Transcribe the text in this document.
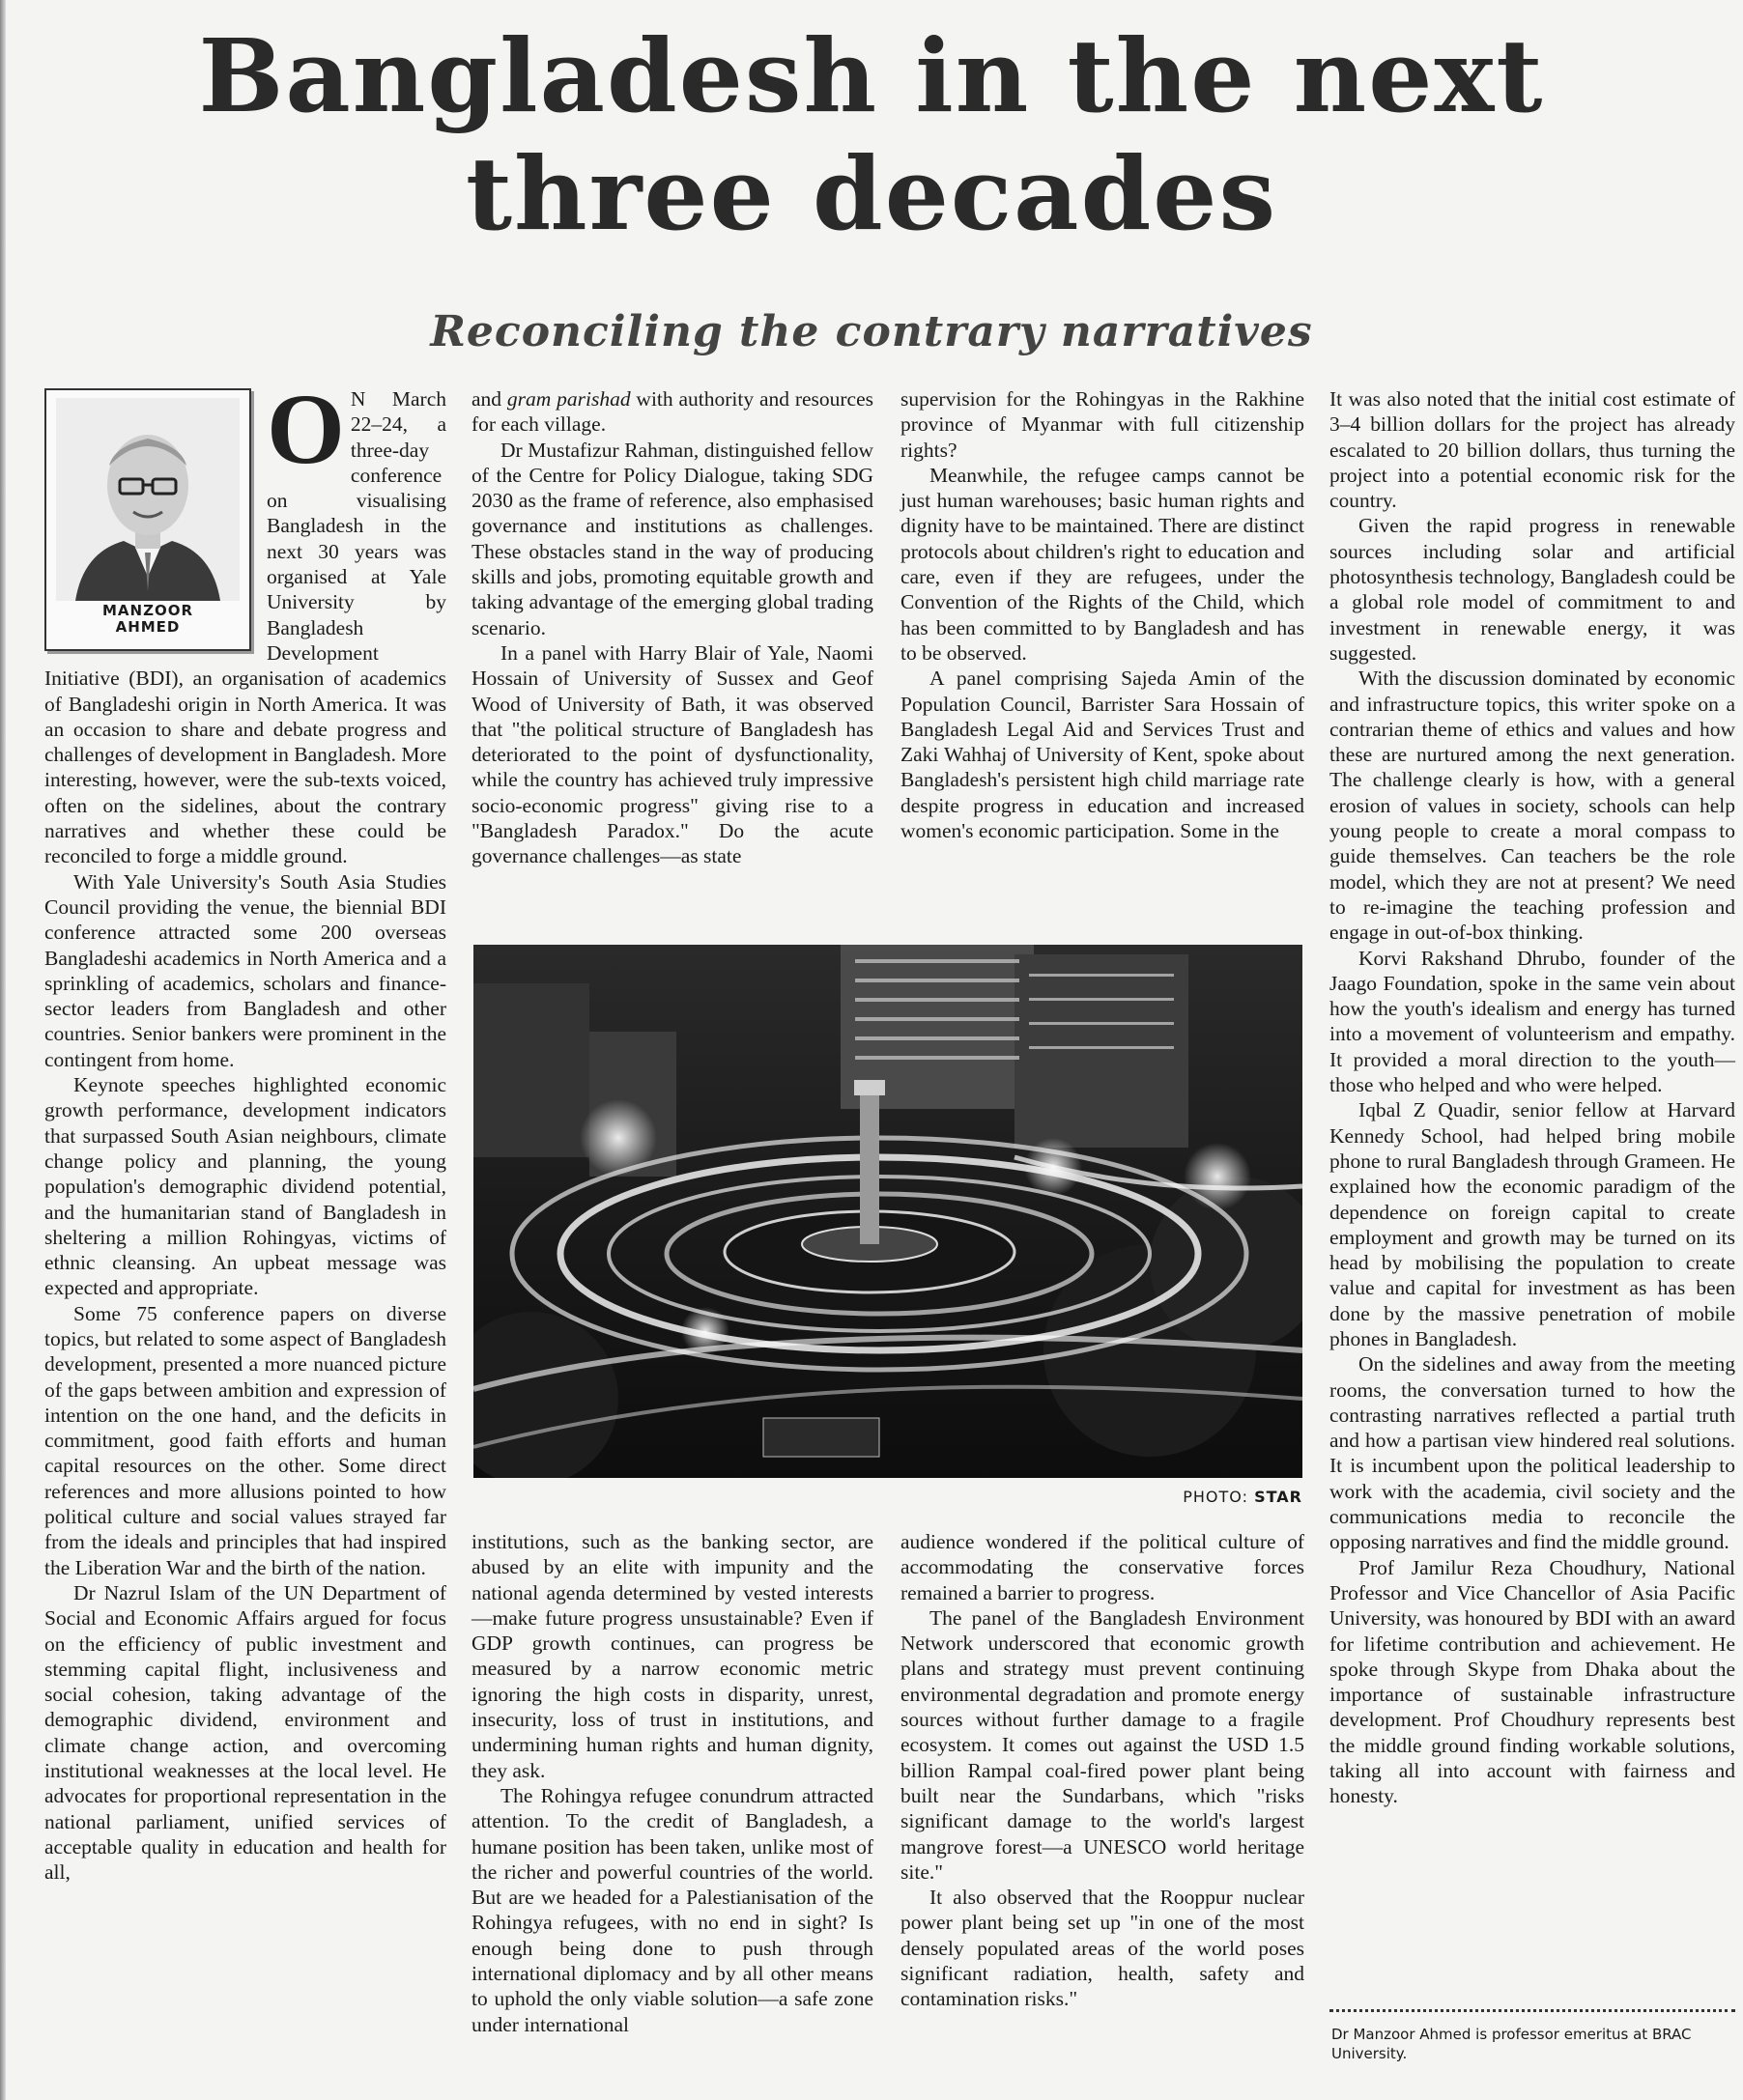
Bangladesh in the next
three decades
Reconciling the contrary narratives
MANZOOR
AHMED
O N March 22–24, a three-day conference on visualising Bangladesh in the next 30 years was organised at Yale University by Bangladesh Development Initiative (BDI), an organisation of academics of Bangladeshi origin in North America. It was an occasion to share and debate progress and challenges of development in Bangladesh. More interesting, however, were the sub-texts voiced, often on the sidelines, about the contrary narratives and whether these could be reconciled to forge a middle ground.

With Yale University's South Asia Studies Council providing the venue, the biennial BDI conference attracted some 200 overseas Bangladeshi academics in North America and a sprinkling of academics, scholars and finance-sector leaders from Bangladesh and other countries. Senior bankers were prominent in the contingent from home.

Keynote speeches highlighted economic growth performance, development indicators that surpassed South Asian neighbours, climate change policy and planning, the young population's demographic dividend potential, and the humanitarian stand of Bangladesh in sheltering a million Rohingyas, victims of ethnic cleansing. An upbeat message was expected and appropriate.

Some 75 conference papers on diverse topics, but related to some aspect of Bangladesh development, presented a more nuanced picture of the gaps between ambition and expression of intention on the one hand, and the deficits in commitment, good faith efforts and human capital resources on the other. Some direct references and more allusions pointed to how political culture and social values strayed far from the ideals and principles that had inspired the Liberation War and the birth of the nation.

Dr Nazrul Islam of the UN Department of Social and Economic Affairs argued for focus on the efficiency of public investment and stemming capital flight, inclusiveness and social cohesion, taking advantage of the demographic dividend, environment and climate change action, and overcoming institutional weaknesses at the local level. He advocates for proportional representation in the national parliament, unified services of acceptable quality in education and health for all,

and gram parishad with authority and resources for each village.

Dr Mustafizur Rahman, distinguished fellow of the Centre for Policy Dialogue, taking SDG 2030 as the frame of reference, also emphasised governance and institutions as challenges. These obstacles stand in the way of producing skills and jobs, promoting equitable growth and taking advantage of the emerging global trading scenario.

In a panel with Harry Blair of Yale, Naomi Hossain of University of Sussex and Geof Wood of University of Bath, it was observed that "the political structure of Bangladesh has deteriorated to the point of dysfunctionality, while the country has achieved truly impressive socio-economic progress" giving rise to a "Bangladesh Paradox." Do the acute governance challenges—as state

supervision for the Rohingyas in the Rakhine province of Myanmar with full citizenship rights?

Meanwhile, the refugee camps cannot be just human warehouses; basic human rights and dignity have to be maintained. There are distinct protocols about children's right to education and care, even if they are refugees, under the Convention of the Rights of the Child, which has been committed to by Bangladesh and has to be observed.

A panel comprising Sajeda Amin of the Population Council, Barrister Sara Hossain of Bangladesh Legal Aid and Services Trust and Zaki Wahhaj of University of Kent, spoke about Bangladesh's persistent high child marriage rate despite progress in education and increased women's economic participation. Some in the

PHOTO: STAR

institutions, such as the banking sector, are abused by an elite with impunity and the national agenda determined by vested interests—make future progress unsustainable? Even if GDP growth continues, can progress be measured by a narrow economic metric ignoring the high costs in disparity, unrest, insecurity, loss of trust in institutions, and undermining human rights and human dignity, they ask.

The Rohingya refugee conundrum attracted attention. To the credit of Bangladesh, a humane position has been taken, unlike most of the richer and powerful countries of the world. But are we headed for a Palestianisation of the Rohingya refugees, with no end in sight? Is enough being done to push through international diplomacy and by all other means to uphold the only viable solution—a safe zone under international

audience wondered if the political culture of accommodating the conservative forces remained a barrier to progress.

The panel of the Bangladesh Environment Network underscored that economic growth plans and strategy must prevent continuing environmental degradation and promote energy sources without further damage to a fragile ecosystem. It comes out against the USD 1.5 billion Rampal coal-fired power plant being built near the Sundarbans, which "risks significant damage to the world's largest mangrove forest—a UNESCO world heritage site."

It also observed that the Rooppur nuclear power plant being set up "in one of the most densely populated areas of the world poses significant radiation, health, safety and contamination risks."

It was also noted that the initial cost estimate of 3–4 billion dollars for the project has already escalated to 20 billion dollars, thus turning the project into a potential economic risk for the country.

Given the rapid progress in renewable sources including solar and artificial photosynthesis technology, Bangladesh could be a global role model of commitment to and investment in renewable energy, it was suggested.

With the discussion dominated by economic and infrastructure topics, this writer spoke on a contrarian theme of ethics and values and how these are nurtured among the next generation. The challenge clearly is how, with a general erosion of values in society, schools can help young people to create a moral compass to guide themselves. Can teachers be the role model, which they are not at present? We need to re-imagine the teaching profession and engage in out-of-box thinking.

Korvi Rakshand Dhrubo, founder of the Jaago Foundation, spoke in the same vein about how the youth's idealism and energy has turned into a movement of volunteerism and empathy. It provided a moral direction to the youth—those who helped and who were helped.

Iqbal Z Quadir, senior fellow at Harvard Kennedy School, had helped bring mobile phone to rural Bangladesh through Grameen. He explained how the economic paradigm of the dependence on foreign capital to create employment and growth may be turned on its head by mobilising the population to create value and capital for investment as has been done by the massive penetration of mobile phones in Bangladesh.

On the sidelines and away from the meeting rooms, the conversation turned to how the contrasting narratives reflected a partial truth and how a partisan view hindered real solutions. It is incumbent upon the political leadership to work with the academia, civil society and the communications media to reconcile the opposing narratives and find the middle ground.

Prof Jamilur Reza Choudhury, National Professor and Vice Chancellor of Asia Pacific University, was honoured by BDI with an award for lifetime contribution and achievement. He spoke through Skype from Dhaka about the importance of sustainable infrastructure development. Prof Choudhury represents best the middle ground finding workable solutions, taking all into account with fairness and honesty.

Dr Manzoor Ahmed is professor emeritus at BRAC University.
